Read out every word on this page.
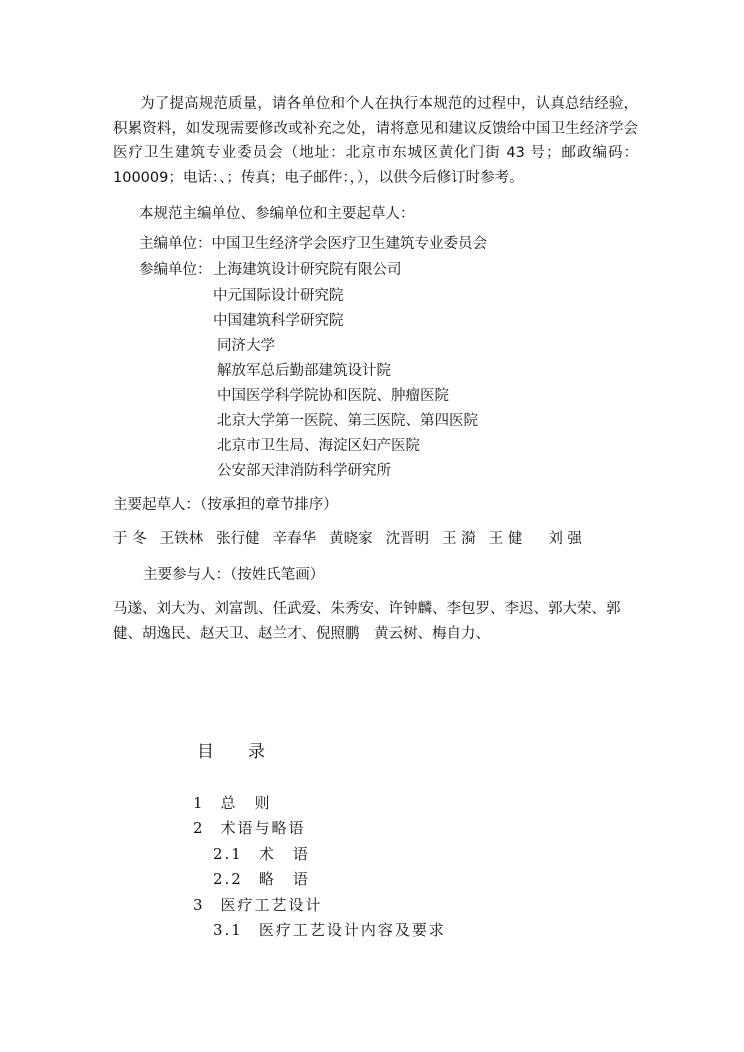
为了提高规范质量，请各单位和个人在执行本规范的过程中，认真总结经验，积累资料，如发现需要修改或补充之处，请将意见和建议反馈给中国卫生经济学会医疗卫生建筑专业委员会（地址：北京市东城区黄化门街 43 号；邮政编码：100009；电话：、；传真；电子邮件：，），以供今后修订时参考。
本规范主编单位、参编单位和主要起草人：
主编单位：中国卫生经济学会医疗卫生建筑专业委员会
参编单位： 上海建筑设计研究院有限公司
中元国际设计研究院
中国建筑科学研究院
同济大学
解放军总后勤部建筑设计院
中国医学科学院协和医院、肿瘤医院
北京大学第一医院、第三医院、第四医院
北京市卫生局、海淀区妇产医院
公安部天津消防科学研究所
主要起草人：（按承担的章节排序）
于 冬 王铁林 张行健 辛春华 黄晓家 沈晋明 王 漪 王 健 刘 强
主要参与人：（按姓氏笔画）
马遂、刘大为、刘富凯、任武爱、朱秀安、许钟麟、李包罗、李迟、郭大荣、郭
健、胡逸民、赵天卫、赵兰才、倪照鹏　黄云树、梅自力、
目　　录
1 总　则
2 术语与略语
2.1 术　语
2.2 略　语
3 医疗工艺设计
3.1 医疗工艺设计内容及要求
